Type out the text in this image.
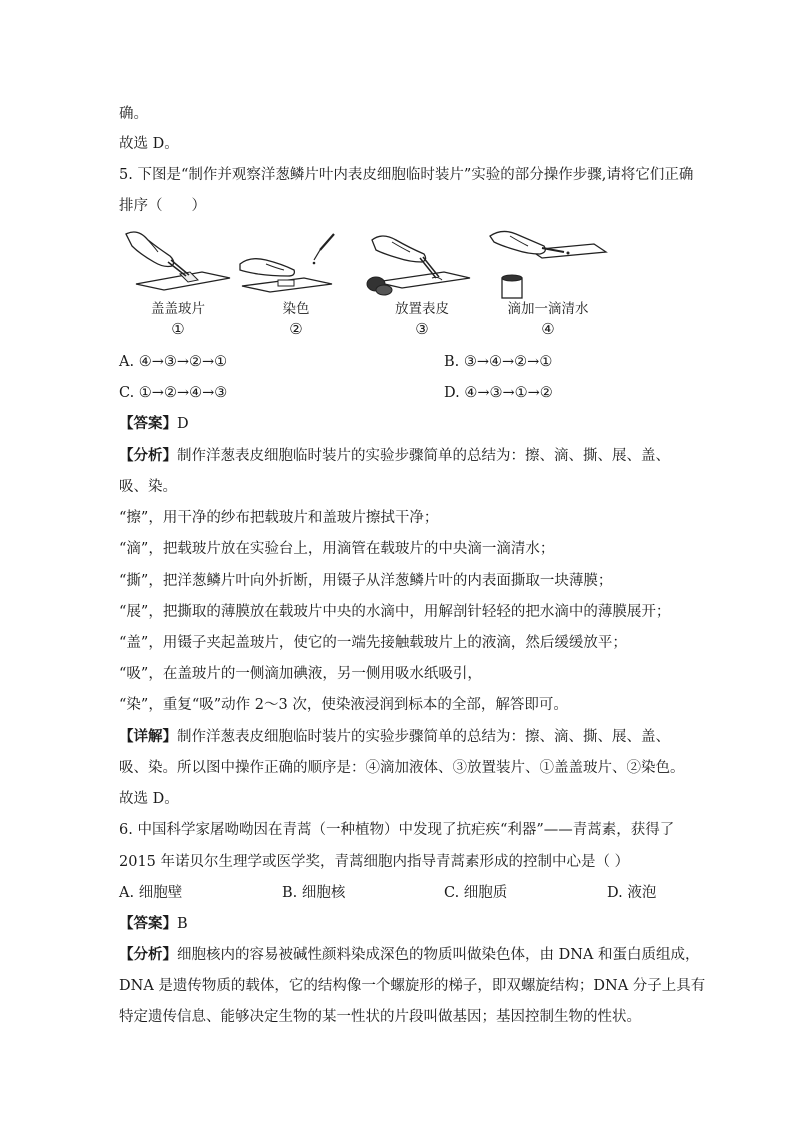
确。
故选 D。
5. 下图是“制作并观察洋葱鳞片叶内表皮细胞临时装片”实验的部分操作步骤,请将它们正确
排序（　　）
盖盖玻片
①
染色
②
放置表皮
③
滴加一滴清水
④
A. ④→③→②→①	B. ③→④→②→①
C. ①→②→④→③	D. ④→③→①→②
【答案】D
【分析】制作洋葱表皮细胞临时装片的实验步骤简单的总结为：擦、滴、撕、展、盖、
吸、染。
“擦”，用干净的纱布把载玻片和盖玻片擦拭干净；
“滴”，把载玻片放在实验台上，用滴管在载玻片的中央滴一滴清水；
“撕”，把洋葱鳞片叶向外折断，用镊子从洋葱鳞片叶的内表面撕取一块薄膜；
“展”，把撕取的薄膜放在载玻片中央的水滴中，用解剖针轻轻的把水滴中的薄膜展开；
“盖”，用镊子夹起盖玻片，使它的一端先接触载玻片上的液滴，然后缓缓放平；
“吸”，在盖玻片的一侧滴加碘液，另一侧用吸水纸吸引，
“染”，重复“吸”动作 2～3 次，使染液浸润到标本的全部，解答即可。
【详解】制作洋葱表皮细胞临时装片的实验步骤简单的总结为：擦、滴、撕、展、盖、
吸、染。所以图中操作正确的顺序是：④滴加液体、③放置装片、①盖盖玻片、②染色。
故选 D。
6. 中国科学家屠呦呦因在青蒿（一种植物）中发现了抗疟疾“利器”——青蒿素，获得了
2015 年诺贝尔生理学或医学奖，青蒿细胞内指导青蒿素形成的控制中心是（ ）
A. 细胞壁	B. 细胞核	C. 细胞质	D. 液泡
【答案】B
【分析】细胞核内的容易被碱性颜料染成深色的物质叫做染色体，由 DNA 和蛋白质组成，
DNA 是遗传物质的载体，它的结构像一个螺旋形的梯子，即双螺旋结构；DNA 分子上具有
特定遗传信息、能够决定生物的某一性状的片段叫做基因；基因控制生物的性状。
